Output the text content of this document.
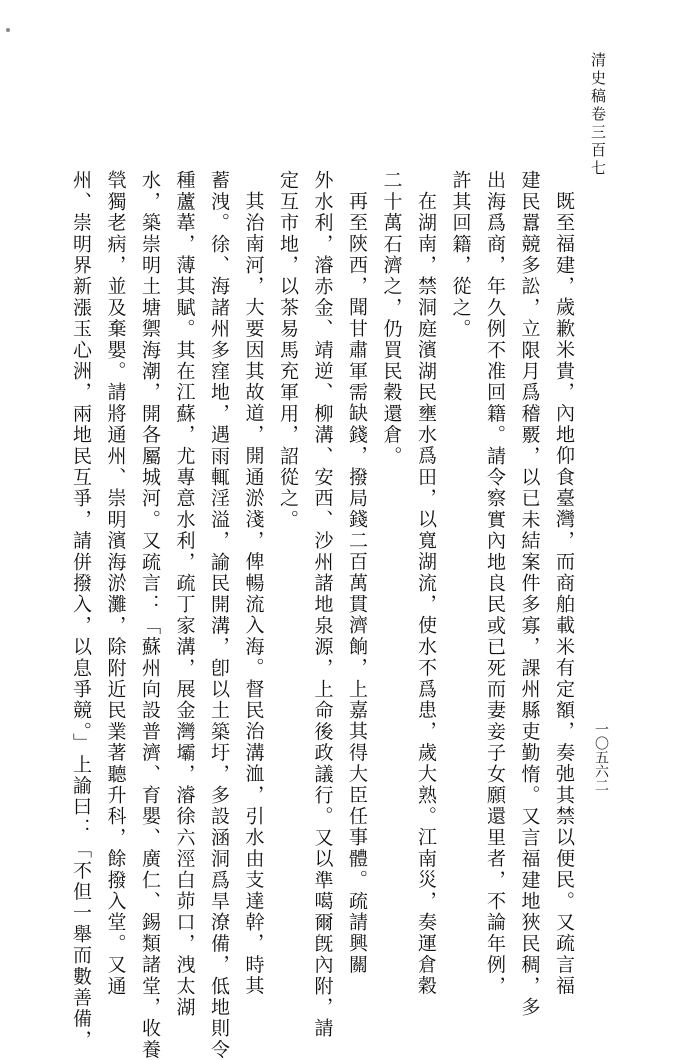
清史稿卷三百七
一〇五六二
既至福建，歲歉米貴，內地仰食臺灣，而商舶載米有定額，奏弛其禁以便民。又疏言福
建民囂競多訟，立限月爲稽覈，以已未結案件多寡，課州縣吏勤惰。又言福建地狹民稠，多
出海爲商，年久例不准回籍。請令察實內地良民或已死而妻妾子女願還里者，不論年例，
許其回籍，從之。
在湖南，禁洞庭濱湖民壅水爲田，以寬湖流，使水不爲患，歲大熟。江南災，奏運倉穀
二十萬石濟之，仍買民穀還倉。
再至陝西，聞甘肅軍需缺錢，撥局錢二百萬貫濟餉，上嘉其得大臣任事體。疏請興關
外水利，濬赤金、靖逆、柳溝、安西、沙州諸地泉源，上命後政議行。又以準噶爾旣內附，請
定互市地，以茶易馬充軍用，詔從之。
其治南河，大要因其故道，開通淤淺，俾暢流入海。督民治溝洫，引水由支達幹，時其
蓄洩。徐、海諸州多窪地，遇雨輒淫溢，諭民開溝，卽以土築圩，多設涵洞爲旱潦備，低地則令
種蘆葦，薄其賦。其在江蘇，尤專意水利，疏丁家溝，展金灣壩，濬徐六涇白茆口，洩太湖
水，築崇明土塘禦海潮，開各屬城河。又疏言：「蘇州向設普濟、育嬰、廣仁、錫類諸堂，收養
煢獨老病，並及棄嬰。請將通州、崇明濱海淤灘，除附近民業著聽升科，餘撥入堂。又通
州、崇明界新漲玉心洲，兩地民互爭，請併撥入，以息爭競。」上諭曰：「不但一舉而數善備，
